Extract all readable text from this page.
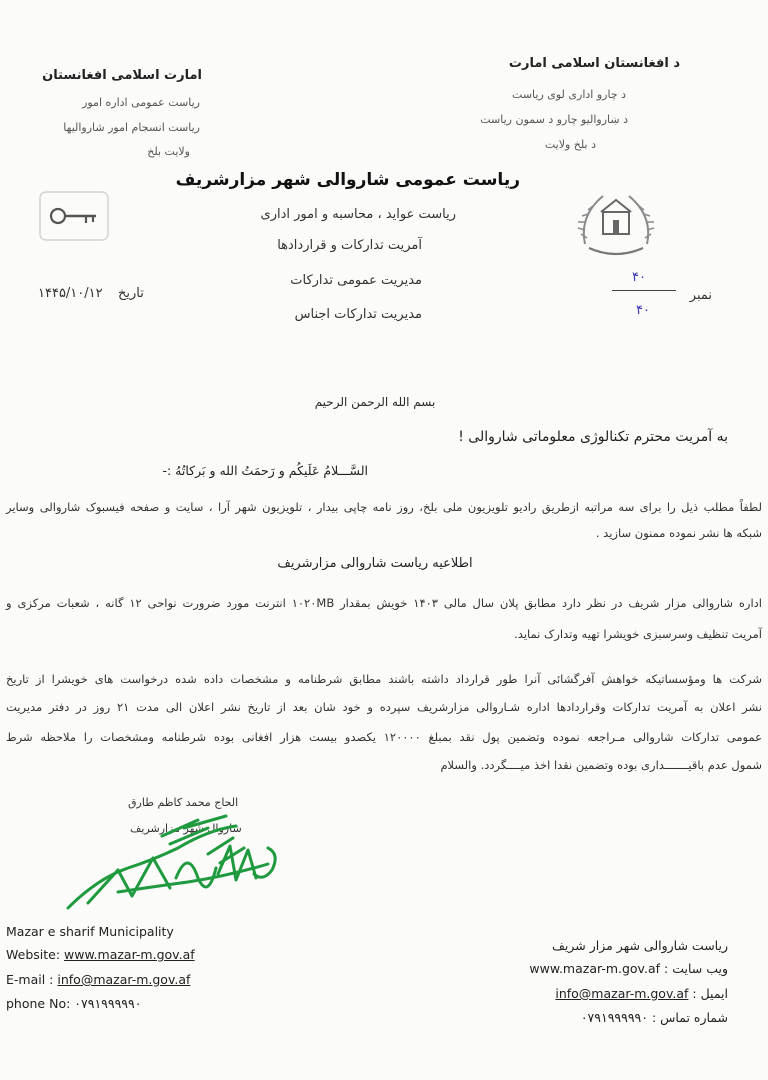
د افغانستان اسلامی امارت
د چارو اداری لوی ریاست
د ښاروالیو چارو د سمون ریاست
د بلخ ولایت
امارت اسلامی افغانستان
ریاست عمومی اداره امور
ریاست انسجام امور شاروالیها
ولایت بلخ
ریاست عمومی شاروالی شهر مزارشریف
ریاست عواید ، محاسبه و امور اداری
آمریت تدارکات و قراردادها
مدیریت عمومی تدارکات
مدیریت تدارکات اجناس
تاریخ
۱۴۴۵/۱۰/۱۲	نمبر
۴۰
۴۰
بسم الله الرحمن الرحیم
به آمریت محترم تکنالوژی معلوماتی شاروالی !
السَّـــلامُ عَلَیکُم و رَحمَتُ الله و بَرکاتُهُ :-
لطفاً مطلب ذیل را برای سه مراتبه ازطریق رادیو تلویزیون ملی بلخ، روز نامه چاپی بیدار ، تلویزیون شهر آرا ، سایت و صفحه فیسبوک شاروالی وسایر
شبکه ها نشر نموده ممنون سازید .
اطلاعیه ریاست شاروالی مزارشریف
اداره شاروالی مزار شریف در نظر دارد مطابق پلان سال مالی ۱۴۰۳ خویش بمقدار ۱۰۲۰MB انترنت مورد ضرورت نواحی ۱۲ گانه ، شعبات مرکزی و
آمریت تنظیف وسرسبزی خویشرا تهیه وتدارک نماید.
شرکت ها ومؤسساتیکه خواهش آفرگشائی آنرا طور قرارداد داشته باشند مطابق شرطنامه و مشخصات داده شده درخواست های خویشرا از تاریخ
نشر اعلان به آمریت تدارکات وقراردادها اداره شـاروالی مزارشریف سپرده و خود شان بعد از تاریخ نشر اعلان الی مدت ۲۱ روز در دفتر مدیریت
عمومی تدارکات شاروالی مـراجعه نموده وتضمین پول نقد بمبلغ ۱۲۰۰۰۰ یکصدو بیست هزار افغانی بوده شرطنامه ومشخصات را ملاحظه شرط
شمول عدم باقیـــــــداری بوده وتضمین نقدا اخذ میــــگردد. والسلام
الحاج محمد کاظم طارق
شاروال شهر مزارشریف
Mazar e sharif Municipality
Website: www.mazar-m.gov.af
E-mail : info@mazar-m.gov.af
phone No: ۰۷۹۱۹۹۹۹۹۰
ریاست شاروالی شهر مزار شریف
ویب سایت : www.mazar-m.gov.af
ایمیل : info@mazar-m.gov.af
شماره تماس : ۰۷۹۱۹۹۹۹۹۰
